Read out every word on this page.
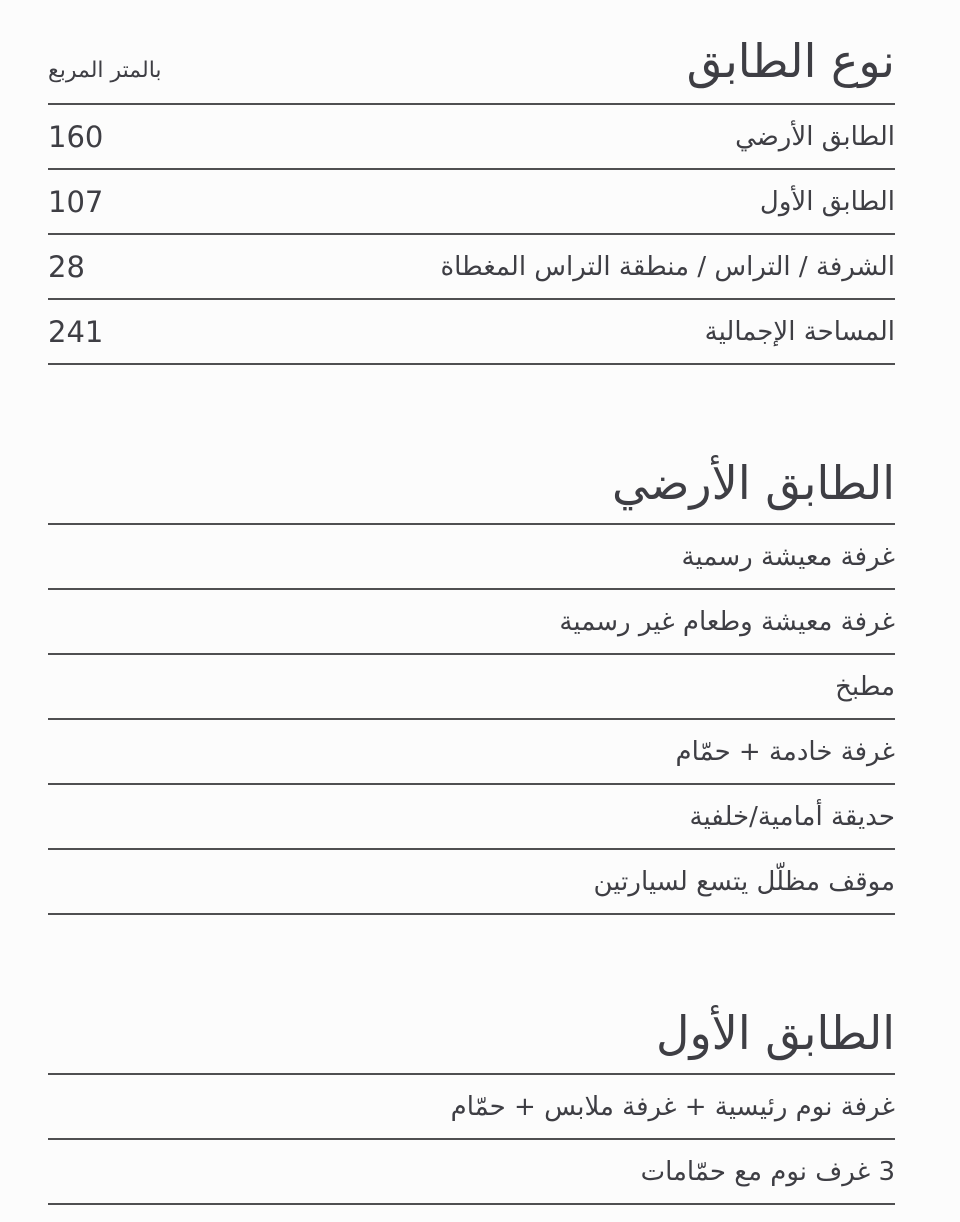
نوع الطابق
بالمتر المربع
الطابق الأرضي
160
الطابق الأول
107
الشرفة / التراس / منطقة التراس المغطاة
28
المساحة الإجمالية
241
الطابق الأرضي
غرفة معيشة رسمية
غرفة معيشة وطعام غير رسمية
مطبخ
غرفة خادمة + حمّام
حديقة أمامية/خلفية
موقف مظلّل يتسع لسيارتين
الطابق الأول
غرفة نوم رئيسية + غرفة ملابس + حمّام
3 غرف نوم مع حمّامات
